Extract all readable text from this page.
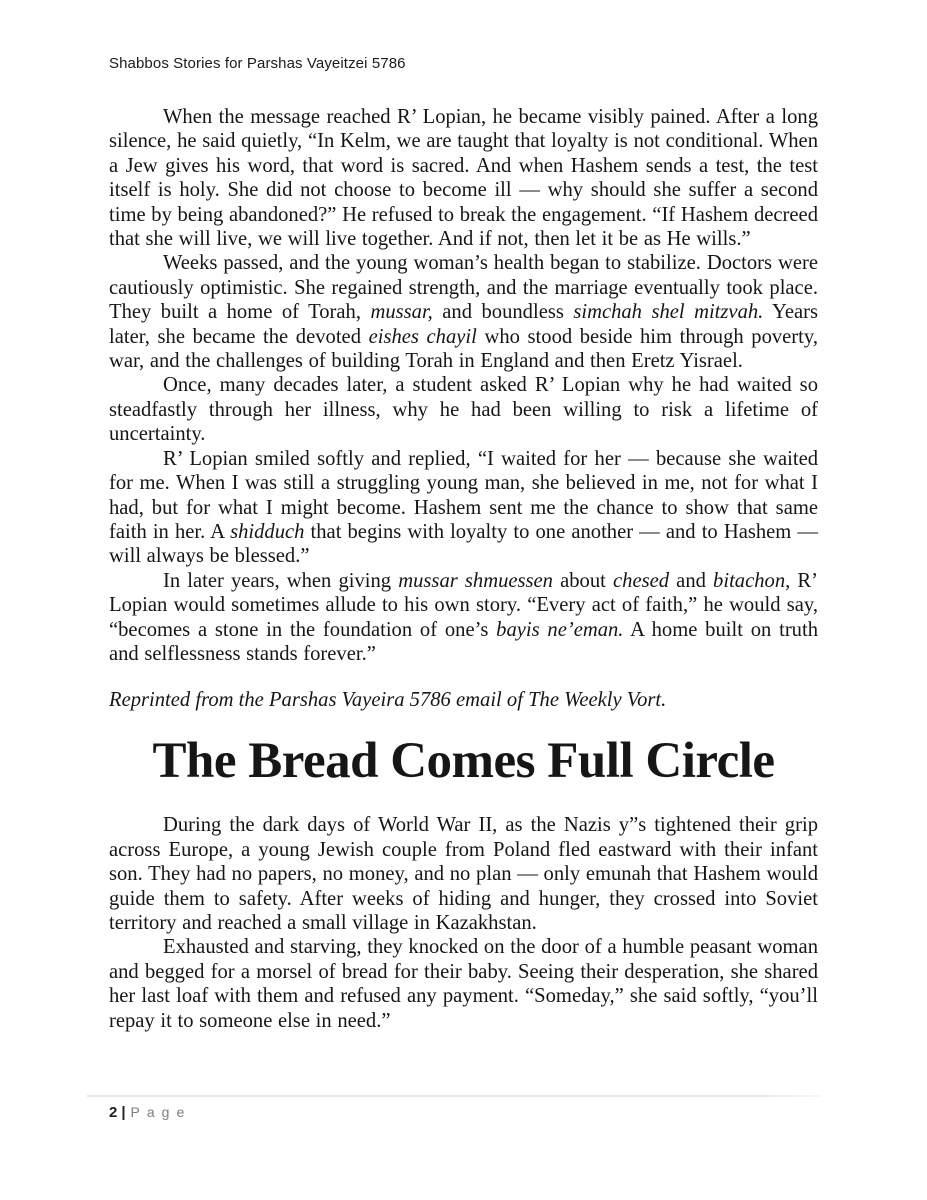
Shabbos Stories for Parshas Vayeitzei 5786

When the message reached R’ Lopian, he became visibly pained. After a long silence, he said quietly, “In Kelm, we are taught that loyalty is not conditional. When a Jew gives his word, that word is sacred. And when Hashem sends a test, the test itself is holy. She did not choose to become ill — why should she suffer a second time by being abandoned?” He refused to break the engagement. “If Hashem decreed that she will live, we will live together. And if not, then let it be as He wills.”

Weeks passed, and the young woman’s health began to stabilize. Doctors were cautiously optimistic. She regained strength, and the marriage eventually took place. They built a home of Torah, mussar, and boundless simchah shel mitzvah. Years later, she became the devoted eishes chayil who stood beside him through poverty, war, and the challenges of building Torah in England and then Eretz Yisrael.

Once, many decades later, a student asked R’ Lopian why he had waited so steadfastly through her illness, why he had been willing to risk a lifetime of uncertainty.

R’ Lopian smiled softly and replied, “I waited for her — because she waited for me. When I was still a struggling young man, she believed in me, not for what I had, but for what I might become. Hashem sent me the chance to show that same faith in her. A shidduch that begins with loyalty to one another — and to Hashem — will always be blessed.”

In later years, when giving mussar shmuessen about chesed and bitachon, R’ Lopian would sometimes allude to his own story. “Every act of faith,” he would say, “becomes a stone in the foundation of one’s bayis ne’eman. A home built on truth and selflessness stands forever.”

Reprinted from the Parshas Vayeira 5786 email of The Weekly Vort.

The Bread Comes Full Circle

During the dark days of World War II, as the Nazis y”s tightened their grip across Europe, a young Jewish couple from Poland fled eastward with their infant son. They had no papers, no money, and no plan — only emunah that Hashem would guide them to safety. After weeks of hiding and hunger, they crossed into Soviet territory and reached a small village in Kazakhstan.

Exhausted and starving, they knocked on the door of a humble peasant woman and begged for a morsel of bread for their baby. Seeing their desperation, she shared her last loaf with them and refused any payment. “Someday,” she said softly, “you’ll repay it to someone else in need.”

2 | Page
